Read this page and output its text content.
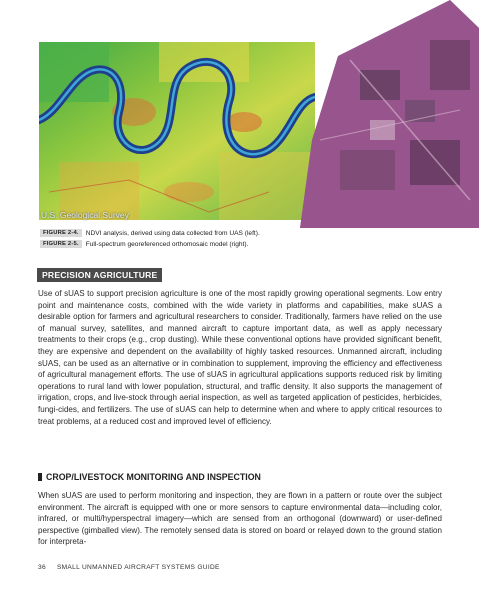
U.S. Geological Survey
FIGURE 2-4.	NDVI analysis, derived using data collected from UAS (left).
FIGURE 2-5.	Full-spectrum georeferenced orthomosaic model (right).
PRECISION AGRICULTURE

Use of sUAS to support precision agriculture is one of the most rapidly growing operational segments. Low entry point and maintenance costs, combined with the wide variety in platforms and capabilities, make sUAS a desirable option for farmers and agricultural researchers to consider. Traditionally, farmers have relied on the use of manual survey, satellites, and manned aircraft to capture important data, as well as apply necessary treatments to their crops (e.g., crop dusting). While these conventional options have provided significant benefit, they are expensive and dependent on the availability of highly tasked resources. Unmanned aircraft, including sUAS, can be used as an alternative or in combination to supplement, improving the efficiency and effectiveness of agricultural management efforts. The use of sUAS in agricultural applications supports reduced risk by limiting operations to rural land with lower population, structural, and traffic density. It also supports the management of irrigation, crops, and live-stock through aerial inspection, as well as targeted application of pesticides, herbicides, fungi-cides, and fertilizers. The use of sUAS can help to determine when and where to apply critical resources to treat problems, at a reduced cost and improved level of efficiency.

CROP/LIVESTOCK MONITORING AND INSPECTION

When sUAS are used to perform monitoring and inspection, they are flown in a pattern or route over the subject environment. The aircraft is equipped with one or more sensors to capture environmental data—including color, infrared, or multi/hyperspectral imagery—which are sensed from an orthogonal (downward) or user-defined perspective (gimballed view). The remotely sensed data is stored on board or relayed down to the ground station for interpreta-

36 SMALL UNMANNED AIRCRAFT SYSTEMS GUIDE
